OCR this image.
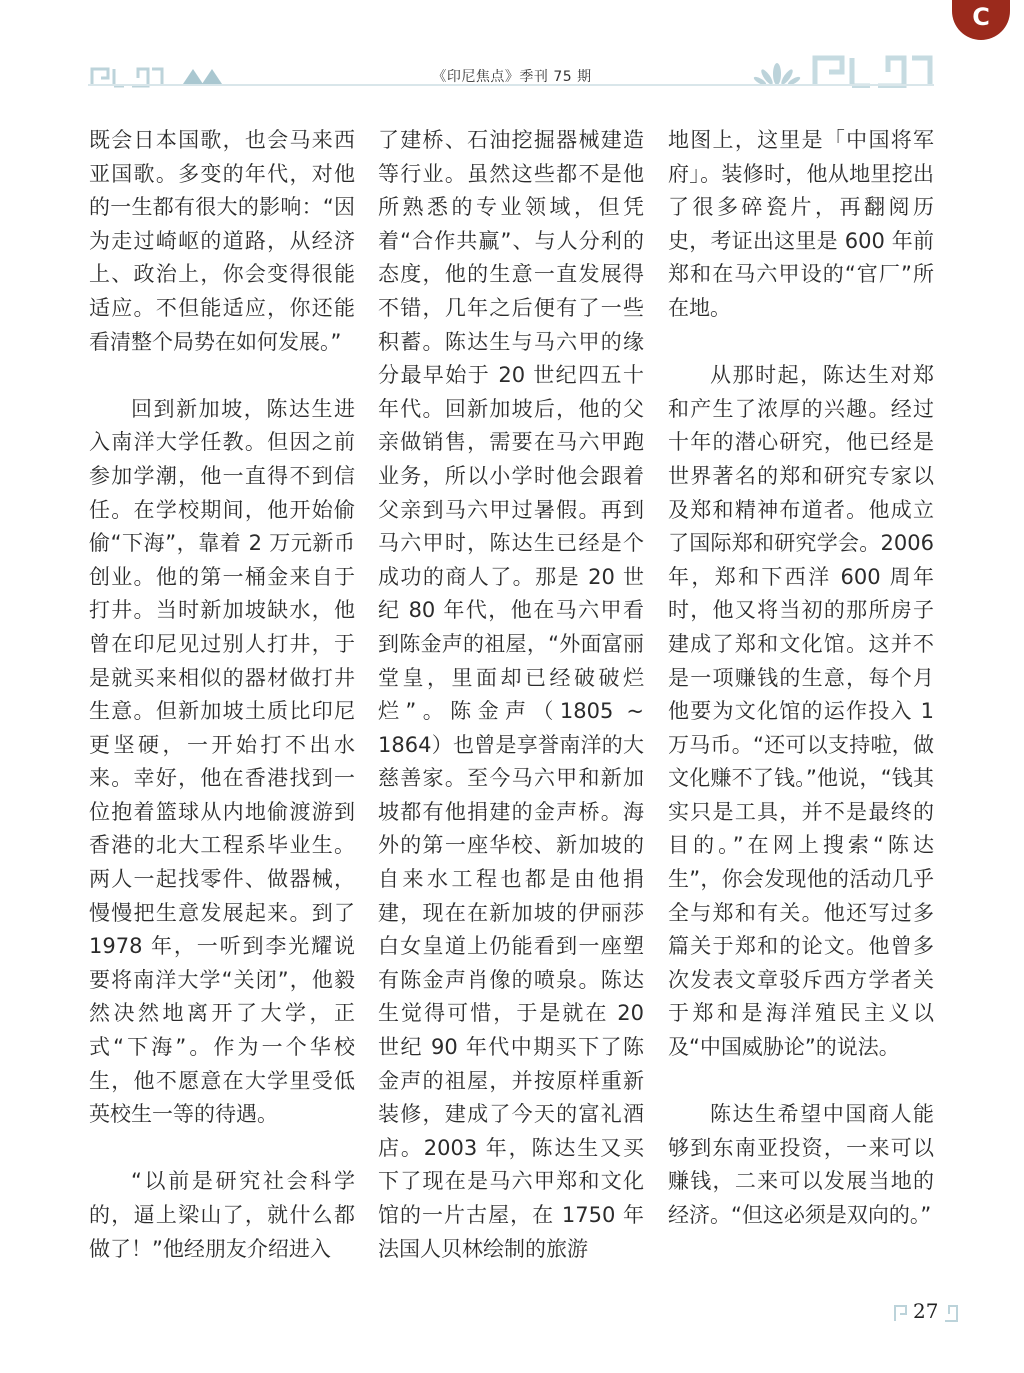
C
《印尼焦点》季刊 75 期

既会日本国歌，也会马来西亚国歌。多变的年代，对他的一生都有很大的影响：“因为走过崎岖的道路，从经济上、政治上，你会变得很能适应。不但能适应，你还能看清整个局势在如何发展。”

回到新加坡，陈达生进入南洋大学任教。但因之前参加学潮，他一直得不到信任。在学校期间，他开始偷偷“下海”，靠着 2 万元新币创业。他的第一桶金来自于打井。当时新加坡缺水，他曾在印尼见过别人打井，于是就买来相似的器材做打井生意。但新加坡土质比印尼更坚硬，一开始打不出水来。幸好，他在香港找到一位抱着篮球从内地偷渡游到香港的北大工程系毕业生。两人一起找零件、做器械，慢慢把生意发展起来。到了 1978 年，一听到李光耀说要将南洋大学“关闭”，他毅然决然地离开了大学，正式“下海”。作为一个华校生，他不愿意在大学里受低英校生一等的待遇。

“以前是研究社会科学的，逼上梁山了，就什么都做了！”他经朋友介绍进入

了建桥、石油挖掘器械建造等行业。虽然这些都不是他所熟悉的专业领域，但凭着“合作共赢”、与人分利的态度，他的生意一直发展得不错，几年之后便有了一些积蓄。陈达生与马六甲的缘分最早始于 20 世纪四五十年代。回新加坡后，他的父亲做销售，需要在马六甲跑业务，所以小学时他会跟着父亲到马六甲过暑假。再到马六甲时，陈达生已经是个成功的商人了。那是 20 世纪 80 年代，他在马六甲看到陈金声的祖屋，“外面富丽堂皇，里面却已经破破烂烂”。陈金声（1805 ~ 1864）也曾是享誉南洋的大慈善家。至今马六甲和新加坡都有他捐建的金声桥。海外的第一座华校、新加坡的自来水工程也都是由他捐建，现在在新加坡的伊丽莎白女皇道上仍能看到一座塑有陈金声肖像的喷泉。陈达生觉得可惜，于是就在 20 世纪 90 年代中期买下了陈金声的祖屋，并按原样重新装修，建成了今天的富礼酒店。2003 年，陈达生又买下了现在是马六甲郑和文化馆的一片古屋，在 1750 年法国人贝林绘制的旅游

地图上，这里是「中国将军府」。装修时，他从地里挖出了很多碎瓷片，再翻阅历史，考证出这里是 600 年前郑和在马六甲设的“官厂”所在地。

从那时起，陈达生对郑和产生了浓厚的兴趣。经过十年的潜心研究，他已经是世界著名的郑和研究专家以及郑和精神布道者。他成立了国际郑和研究学会。2006 年，郑和下西洋 600 周年时，他又将当初的那所房子建成了郑和文化馆。这并不是一项赚钱的生意，每个月他要为文化馆的运作投入 1 万马币。“还可以支持啦，做文化赚不了钱。”他说，“钱其实只是工具，并不是最终的目的。”在网上搜索“陈达生”，你会发现他的活动几乎全与郑和有关。他还写过多篇关于郑和的论文。他曾多次发表文章驳斥西方学者关于郑和是海洋殖民主义以及“中国威胁论”的说法。

陈达生希望中国商人能够到东南亚投资，一来可以赚钱，二来可以发展当地的经济。“但这必须是双向的。”

27
